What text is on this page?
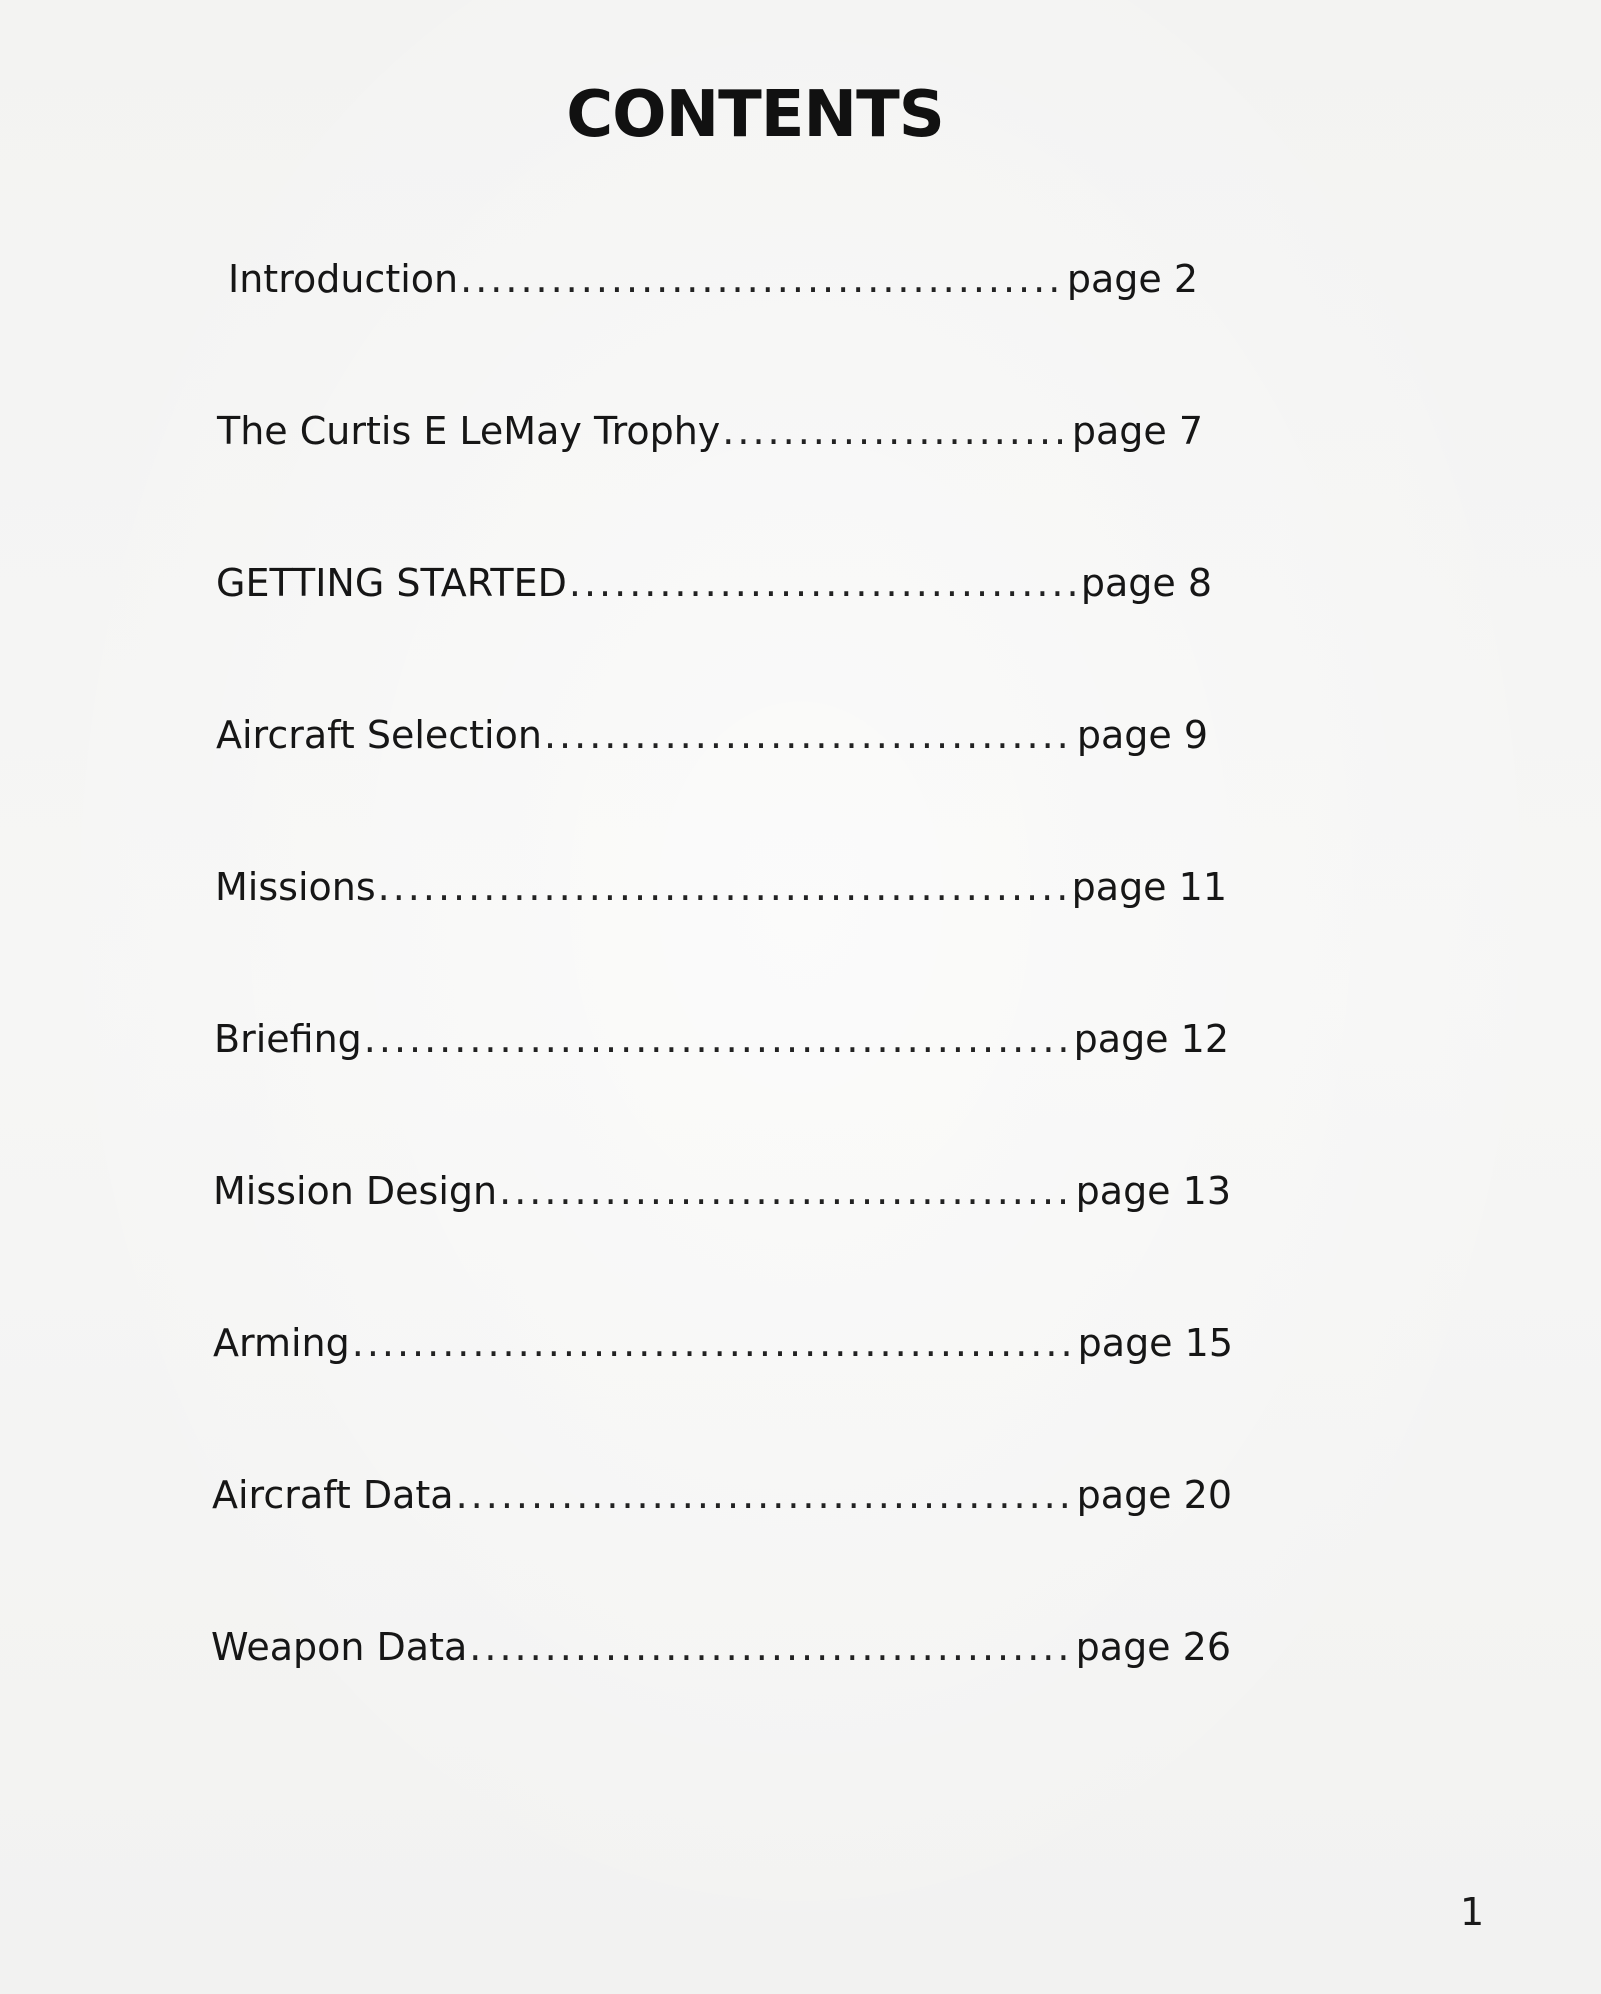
CONTENTS
Introduction .....	page 2
The Curtis E LeMay Trophy .....	page 7
GETTING STARTED .....	page 8
Aircraft Selection .....	page 9
Missions .....	page 11
Briefing .....	page 12
Mission Design .....	page 13
Arming .....	page 15
Aircraft Data .....	page 20
Weapon Data .....	page 26
1
